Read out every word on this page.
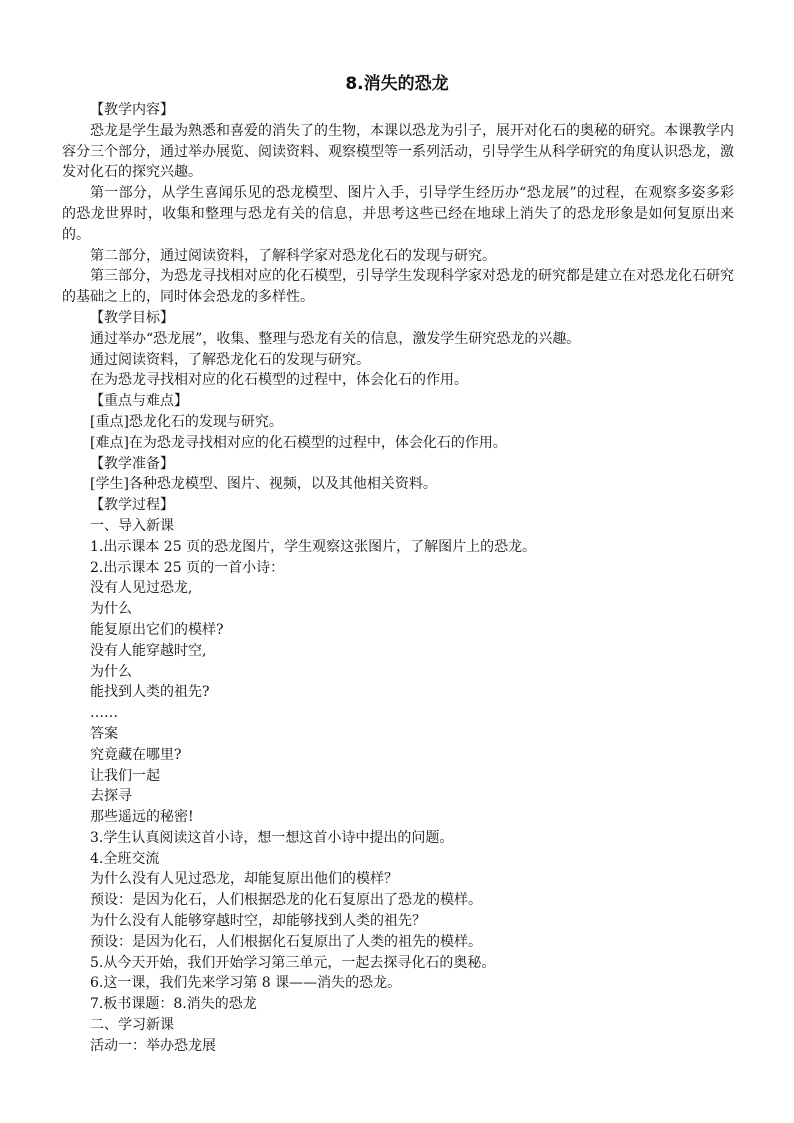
8.消失的恐龙
【教学内容】
恐龙是学生最为熟悉和喜爱的消失了的生物，本课以恐龙为引子，展开对化石的奥秘的研究。本课教学内容分三个部分，通过举办展览、阅读资料、观察模型等一系列活动，引导学生从科学研究的角度认识恐龙，激发对化石的探究兴趣。
第一部分，从学生喜闻乐见的恐龙模型、图片入手，引导学生经历办“恐龙展”的过程，在观察多姿多彩的恐龙世界时，收集和整理与恐龙有关的信息，并思考这些已经在地球上消失了的恐龙形象是如何复原出来的。
第二部分，通过阅读资料，了解科学家对恐龙化石的发现与研究。
第三部分，为恐龙寻找相对应的化石模型，引导学生发现科学家对恐龙的研究都是建立在对恐龙化石研究的基础之上的，同时体会恐龙的多样性。
【教学目标】
通过举办“恐龙展”，收集、整理与恐龙有关的信息，激发学生研究恐龙的兴趣。
通过阅读资料，了解恐龙化石的发现与研究。
在为恐龙寻找相对应的化石模型的过程中，体会化石的作用。
【重点与难点】
[重点]恐龙化石的发现与研究。
[难点]在为恐龙寻找相对应的化石模型的过程中，体会化石的作用。
【教学准备】
[学生]各种恐龙模型、图片、视频，以及其他相关资料。
【教学过程】
一、导入新课
1.出示课本 25 页的恐龙图片，学生观察这张图片，了解图片上的恐龙。
2.出示课本 25 页的一首小诗：
没有人见过恐龙,
为什么
能复原出它们的模样?
没有人能穿越时空,
为什么
能找到人类的祖先?
……
答案
究竟藏在哪里?
让我们一起
去探寻
那些遥远的秘密!
3.学生认真阅读这首小诗，想一想这首小诗中提出的问题。
4.全班交流
为什么没有人见过恐龙，却能复原出他们的模样？
预设：是因为化石，人们根据恐龙的化石复原出了恐龙的模样。
为什么没有人能够穿越时空，却能够找到人类的祖先？
预设：是因为化石，人们根据化石复原出了人类的祖先的模样。
5.从今天开始，我们开始学习第三单元，一起去探寻化石的奥秘。
6.这一课，我们先来学习第 8 课——消失的恐龙。
7.板书课题：8.消失的恐龙
二、学习新课
活动一：举办恐龙展
